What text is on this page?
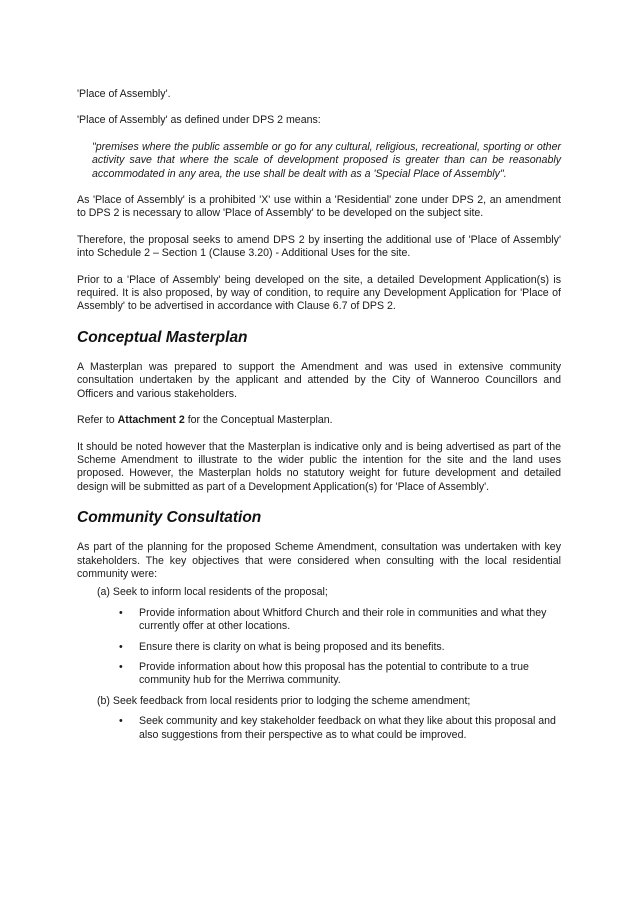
'Place of Assembly'.

'Place of Assembly' as defined under DPS 2 means:

"premises where the public assemble or go for any cultural, religious, recreational, sporting or other activity save that where the scale of development proposed is greater than can be reasonably accommodated in any area, the use shall be dealt with as a 'Special Place of Assembly".

As 'Place of Assembly' is a prohibited 'X' use within a 'Residential' zone under DPS 2, an amendment to DPS 2 is necessary to allow 'Place of Assembly' to be developed on the subject site.

Therefore, the proposal seeks to amend DPS 2 by inserting the additional use of 'Place of Assembly' into Schedule 2 – Section 1 (Clause 3.20) - Additional Uses for the site.

Prior to a 'Place of Assembly' being developed on the site, a detailed Development Application(s) is required. It is also proposed, by way of condition, to require any Development Application for 'Place of Assembly' to be advertised in accordance with Clause 6.7 of DPS 2.

Conceptual Masterplan

A Masterplan was prepared to support the Amendment and was used in extensive community consultation undertaken by the applicant and attended by the City of Wanneroo Councillors and Officers and various stakeholders.

Refer to Attachment 2 for the Conceptual Masterplan.

It should be noted however that the Masterplan is indicative only and is being advertised as part of the Scheme Amendment to illustrate to the wider public the intention for the site and the land uses proposed. However, the Masterplan holds no statutory weight for future development and detailed design will be submitted as part of a Development Application(s) for 'Place of Assembly'.

Community Consultation

As part of the planning for the proposed Scheme Amendment, consultation was undertaken with key stakeholders. The key objectives that were considered when consulting with the local residential community were:

(a) Seek to inform local residents of the proposal;

• Provide information about Whitford Church and their role in communities and what they currently offer at other locations.
• Ensure there is clarity on what is being proposed and its benefits.
• Provide information about how this proposal has the potential to contribute to a true community hub for the Merriwa community.

(b) Seek feedback from local residents prior to lodging the scheme amendment;

• Seek community and key stakeholder feedback on what they like about this proposal and also suggestions from their perspective as to what could be improved.
